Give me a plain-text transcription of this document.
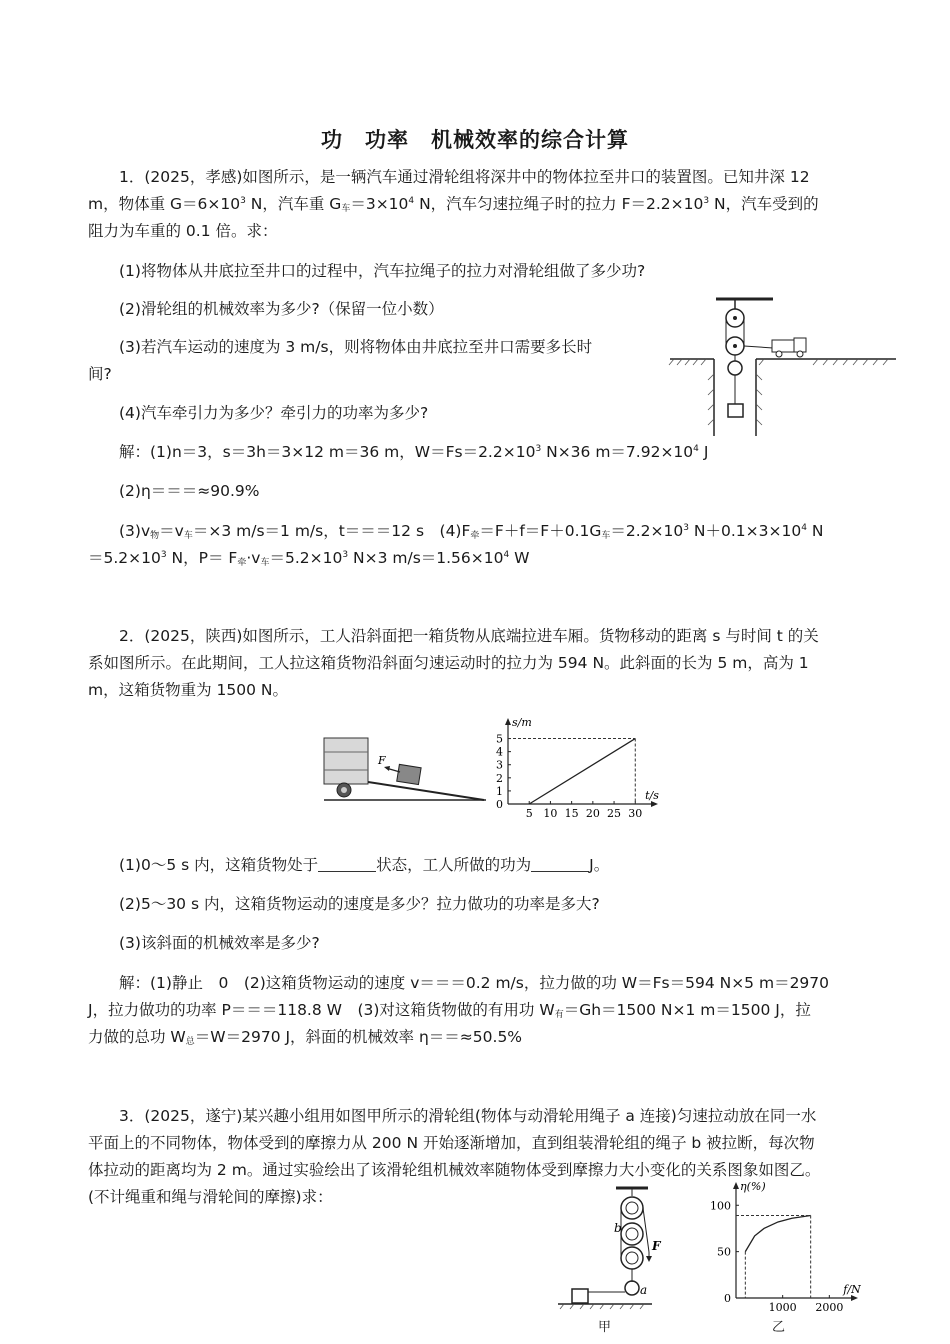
功　功率　机械效率的综合计算
1．(2025，孝感)如图所示，是一辆汽车通过滑轮组将深井中的物体拉至井口的装置图。已知井深 12
m，物体重 $G=6\times 10^3$ N，汽车重 G车$=3\times 10^4$ N，汽车匀速拉绳子时的拉力 $F=2.2\times 10^3$ N，汽车受到的
阻力为车重的 0.1 倍。求：
(1)将物体从井底拉至井口的过程中，汽车拉绳子的拉力对滑轮组做了多少功?
(2)滑轮组的机械效率为多少?（保留一位小数）
(3)若汽车运动的速度为 3 m/s，则将物体由井底拉至井口需要多长时
间?
(4)汽车牵引力为多少？牵引力的功率为多少?
解：(1)n＝3，s＝3h＝3×12 m＝36 m，$W=Fs=2.2\times 10^3$ N×36 $m=7.92\times 10^4$ J
(2)η＝＝＝≈90.9%
(3)v物＝v车＝×3 m/s＝1 m/s，t＝＝＝12 s　(4)F牵＝F＋f＝F＋0.1G车$=2.2\times 10^3$ $N+0.1\times 3\times 10^4$ N
$=5.2\times 10^3$ N，P＝ F牵·v车$=5.2\times 10^3$ N×3 $m/s=1.56\times 10^4$ W
2．(2025，陕西)如图所示，工人沿斜面把一箱货物从底端拉进车厢。货物移动的距离 s 与时间 t 的关
系如图所示。在此期间，工人拉这箱货物沿斜面匀速运动时的拉力为 594 N。此斜面的长为 5 m，高为 1
m，这箱货物重为 1500 N。
F
5 10 15 20 25 30
0
1
2
3
4
5
t/s
s/m
(1)0～5 s 内，这箱货物处于	状态，工人所做的功为	J。
(2)5～30 s 内，这箱货物运动的速度是多少？拉力做功的功率是多大?
(3)该斜面的机械效率是多少?
解：(1)静止　0　(2)这箱货物运动的速度 v＝＝＝0.2 m/s，拉力做的功 W＝Fs＝594 N×5 m＝2970
J，拉力做功的功率 P＝＝＝118.8 W　(3)对这箱货物做的有用功 W有＝Gh＝1500 N×1 m＝1500 J，拉
力做的总功 W总＝W＝2970 J，斜面的机械效率 η＝＝≈50.5%
3．(2025，遂宁)某兴趣小组用如图甲所示的滑轮组(物体与动滑轮用绳子 a 连接)匀速拉动放在同一水
平面上的不同物体，物体受到的摩擦力从 200 N 开始逐渐增加，直到组装滑轮组的绳子 b 被拉断，每次物
体拉动的距离均为 2 m。通过实验绘出了该滑轮组机械效率随物体受到摩擦力大小变化的关系图象如图乙。
(不计绳重和绳与滑轮间的摩擦)求：
b
F
a
1000 2000
0
50
100
f/N
η(%)
甲	乙
